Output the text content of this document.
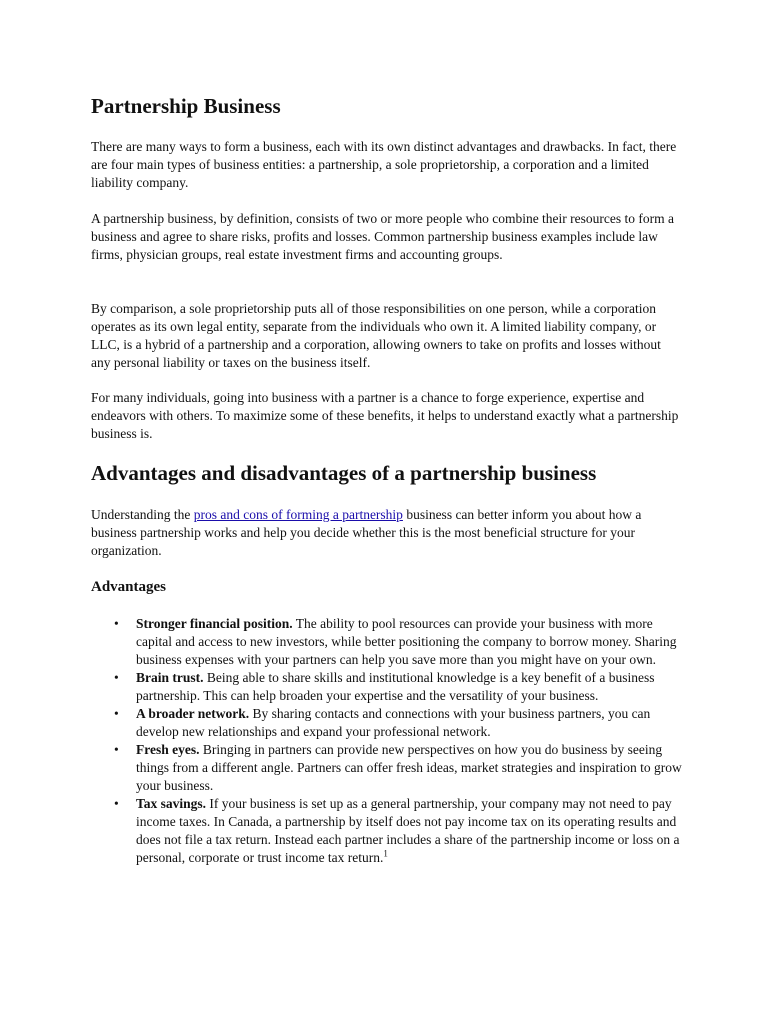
Partnership Business

There are many ways to form a business, each with its own distinct advantages and drawbacks. In fact, there are four main types of business entities: a partnership, a sole proprietorship, a corporation and a limited liability company.

A partnership business, by definition, consists of two or more people who combine their resources to form a business and agree to share risks, profits and losses. Common partnership business examples include law firms, physician groups, real estate investment firms and accounting groups.

By comparison, a sole proprietorship puts all of those responsibilities on one person, while a corporation operates as its own legal entity, separate from the individuals who own it. A limited liability company, or LLC, is a hybrid of a partnership and a corporation, allowing owners to take on profits and losses without any personal liability or taxes on the business itself.

For many individuals, going into business with a partner is a chance to forge experience, expertise and endeavors with others. To maximize some of these benefits, it helps to understand exactly what a partnership business is.

Advantages and disadvantages of a partnership business

Understanding the pros and cons of forming a partnership business can better inform you about how a business partnership works and help you decide whether this is the most beneficial structure for your organization.

Advantages
• Stronger financial position. The ability to pool resources can provide your business with more capital and access to new investors, while better positioning the company to borrow money. Sharing business expenses with your partners can help you save more than you might have on your own.
• Brain trust. Being able to share skills and institutional knowledge is a key benefit of a business partnership. This can help broaden your expertise and the versatility of your business.
• A broader network. By sharing contacts and connections with your business partners, you can develop new relationships and expand your professional network.
• Fresh eyes. Bringing in partners can provide new perspectives on how you do business by seeing things from a different angle. Partners can offer fresh ideas, market strategies and inspiration to grow your business.
• Tax savings. If your business is set up as a general partnership, your company may not need to pay income taxes. In Canada, a partnership by itself does not pay income tax on its operating results and does not file a tax return. Instead each partner includes a share of the partnership income or loss on a personal, corporate or trust income tax return.$^1$
